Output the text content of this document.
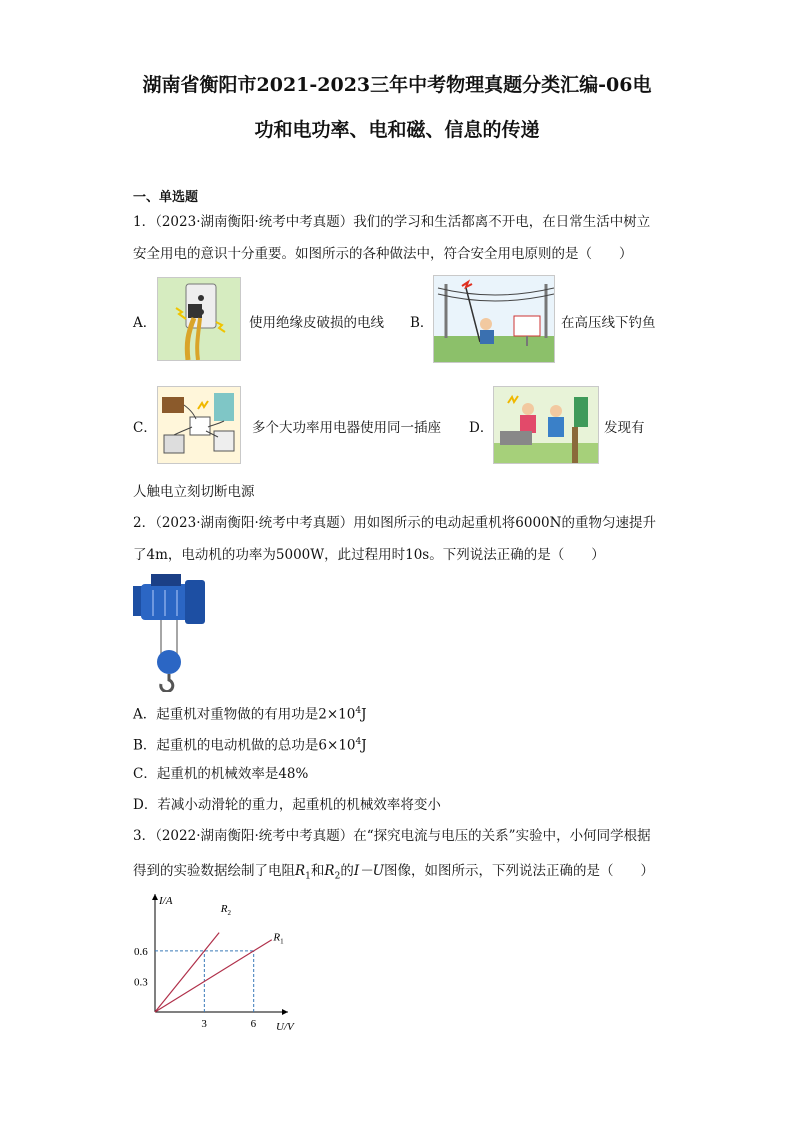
湖南省衡阳市2021-2023三年中考物理真题分类汇编-06电
功和电功率、电和磁、信息的传递
一、单选题
1．（2023·湖南衡阳·统考中考真题）我们的学习和生活都离不开电，在日常生活中树立
安全用电的意识十分重要。如图所示的各种做法中，符合安全用电原则的是（　　）
A．	使用绝缘皮破损的电线 B．	在高压线下钓鱼
C．	多个大功率用电器使用同一插座 D．	发现有
人触电立刻切断电源
2．（2023·湖南衡阳·统考中考真题）用如图所示的电动起重机将6000N的重物匀速提升
了4m，电动机的功率为5000W，此过程用时10s。下列说法正确的是（　　）
A．起重机对重物做的有用功是$2\times 10^4J$
B．起重机的电动机做的总功是$6\times 10^4J$
C．起重机的机械效率是48%
D．若减小动滑轮的重力，起重机的机械效率将变小
3．（2022·湖南衡阳·统考中考真题）在“探究电流与电压的关系”实验中，小何同学根据
得到的实验数据绘制了电阻$R_1$和$R_2$的I－U图像，如图所示，下列说法正确的是（　　）
I/A
U/V
3	6
0.3
0.6
$R_1$
$R_2$
